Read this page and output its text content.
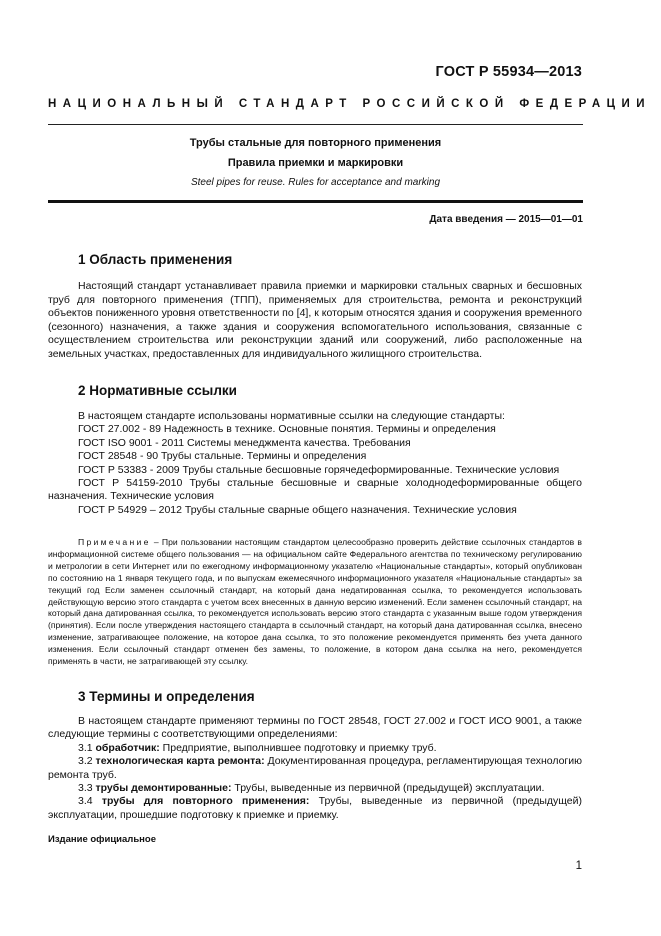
ГОСТ Р 55934—2013
НАЦИОНАЛЬНЫЙ СТАНДАРТ РОССИЙСКОЙ ФЕДЕРАЦИИ
Трубы стальные для повторного применения
Правила приемки и маркировки
Steel pipes for reuse. Rules for acceptance and marking
Дата введения — 2015—01—01
1 Область применения
Настоящий стандарт устанавливает правила приемки и маркировки стальных сварных и бесшовных труб для повторного применения (ТПП), применяемых для строительства, ремонта и реконструкций объектов пониженного уровня ответственности по [4], к которым относятся здания и сооружения временного (сезонного) назначения, а также здания и сооружения вспомогательного использования, связанные с осуществлением строительства или реконструкции зданий или сооружений, либо расположенные на земельных участках, предоставленных для индивидуального жилищного строительства.
2 Нормативные ссылки
В настоящем стандарте использованы нормативные ссылки на следующие стандарты:
ГОСТ 27.002 - 89 Надежность в технике. Основные понятия. Термины и определения
ГОСТ ISO 9001 - 2011 Системы менеджмента качества. Требования
ГОСТ 28548 - 90 Трубы стальные. Термины и определения
ГОСТ Р 53383 - 2009 Трубы стальные бесшовные горячедеформированные. Технические условия
ГОСТ Р 54159-2010 Трубы стальные бесшовные и сварные холоднодеформированные общего назначения. Технические условия
ГОСТ Р 54929 – 2012 Трубы стальные сварные общего назначения. Технические условия
Примечание – При пользовании настоящим стандартом целесообразно проверить действие ссылочных стандартов в информационной системе общего пользования — на официальном сайте Федерального агентства по техническому регулированию и метрологии в сети Интернет или по ежегодному информационному указателю «Национальные стандарты», который опубликован по состоянию на 1 января текущего года, и по выпускам ежемесячного информационного указателя «Национальные стандарты» за текущий год Если заменен ссылочный стандарт, на который дана недатированная ссылка, то рекомендуется использовать действующую версию этого стандарта с учетом всех внесенных в данную версию изменений. Если заменен ссылочный стандарт, на который дана датированная ссылка, то рекомендуется использовать версию этого стандарта с указанным выше годом утверждения (принятия). Если после утверждения настоящего стандарта в ссылочный стандарт, на который дана датированная ссылка, внесено изменение, затрагивающее положение, на которое дана ссылка, то это положение рекомендуется применять без учета данного изменения. Если ссылочный стандарт отменен без замены, то положение, в котором дана ссылка на него, рекомендуется применять в части, не затрагивающей эту ссылку.
3 Термины и определения
В настоящем стандарте применяют термины по ГОСТ 28548, ГОСТ 27.002 и ГОСТ ИСО 9001, а также следующие термины с соответствующими определениями:
3.1 обработчик: Предприятие, выполнившее подготовку и приемку труб.
3.2 технологическая карта ремонта: Документированная процедура, регламентирующая технологию ремонта труб.
3.3 трубы демонтированные: Трубы, выведенные из первичной (предыдущей) эксплуатации.
3.4 трубы для повторного применения: Трубы, выведенные из первичной (предыдущей) эксплуатации, прошедшие подготовку к приемке и приемку.
Издание официальное
1
